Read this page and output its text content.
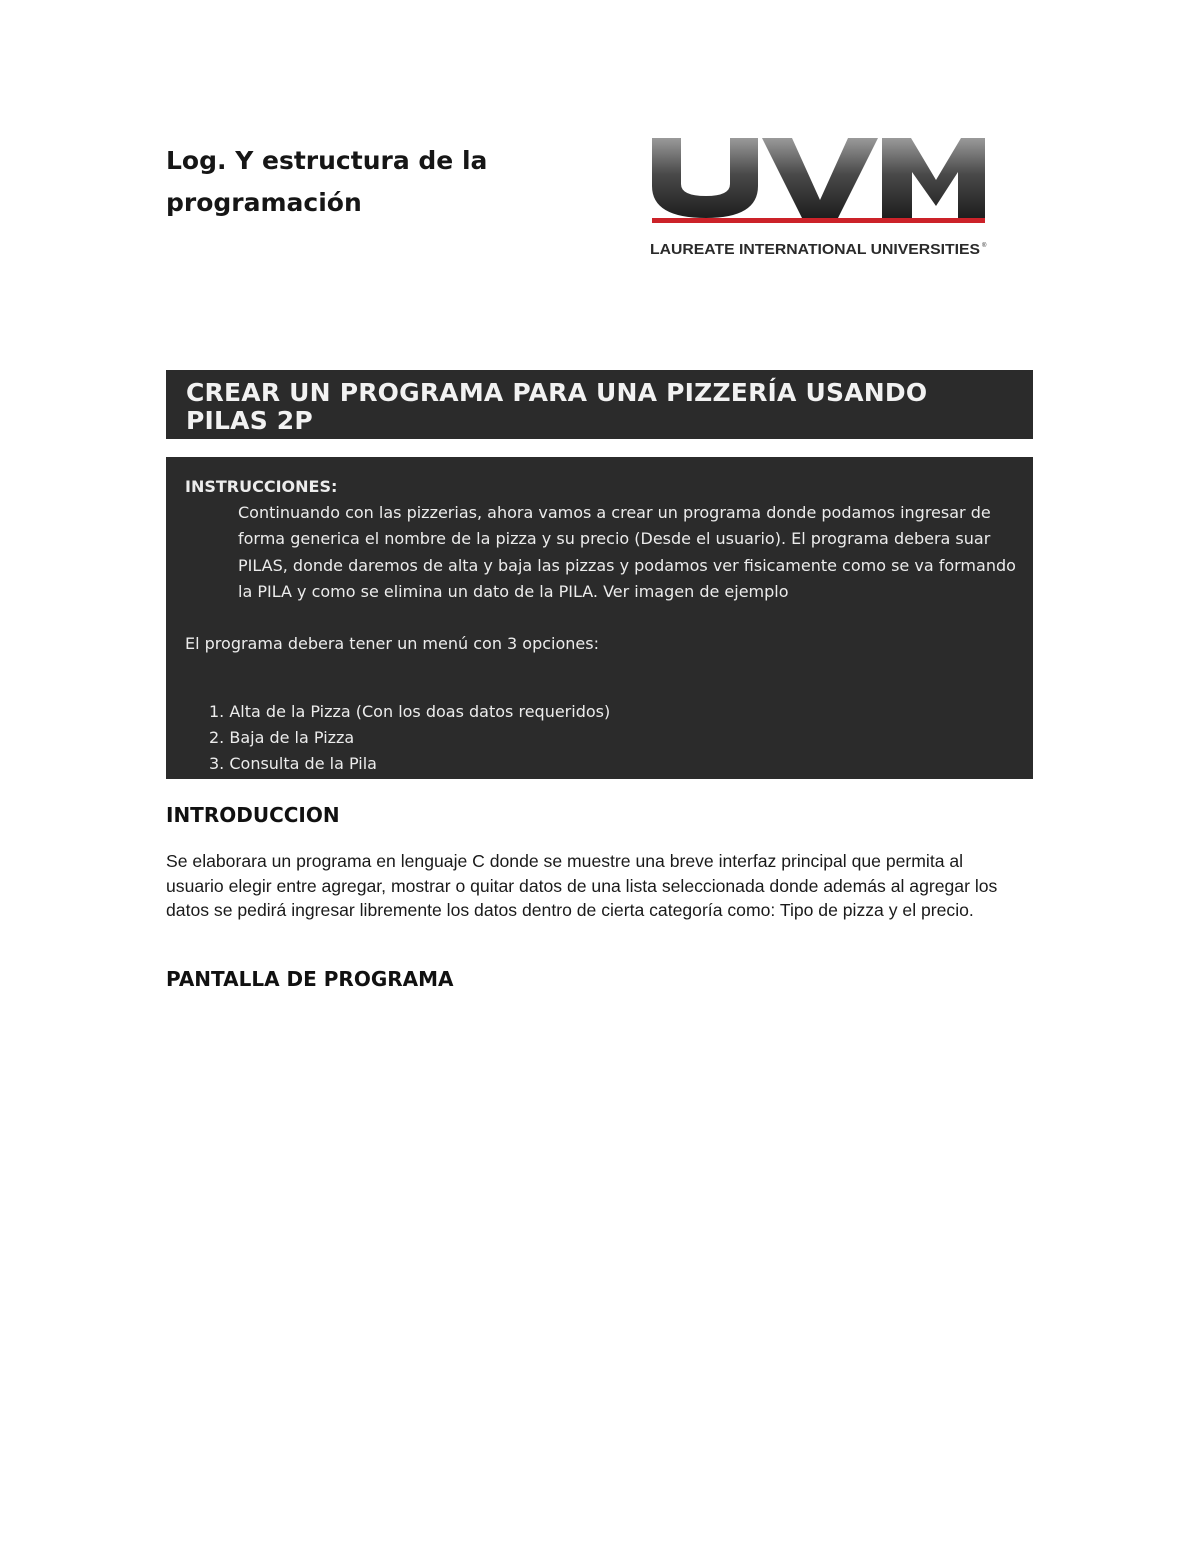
Log. Y estructura de la programación
LAUREATE INTERNATIONAL UNIVERSITIES ®
CREAR UN PROGRAMA PARA UNA PIZZERÍA USANDO PILAS 2P
INSTRUCCIONES:
Continuando con las pizzerias, ahora vamos a crear un programa donde podamos ingresar de forma generica el nombre de la pizza y su precio (Desde el usuario). El programa debera suar PILAS, donde daremos de alta y baja las pizzas y podamos ver fisicamente como se va formando la PILA y como se elimina un dato de la PILA. Ver imagen de ejemplo
El programa debera tener un menú con 3 opciones:
1. Alta de la Pizza (Con los doas datos requeridos)
2. Baja de la Pizza
3. Consulta de la Pila
INTRODUCCION
Se elaborara un programa en lenguaje C donde se muestre una breve interfaz principal que permita al usuario elegir entre agregar, mostrar o quitar datos de una lista seleccionada donde además al agregar los datos se pedirá ingresar libremente los datos dentro de cierta categoría como: Tipo de pizza y el precio.
PANTALLA DE PROGRAMA
